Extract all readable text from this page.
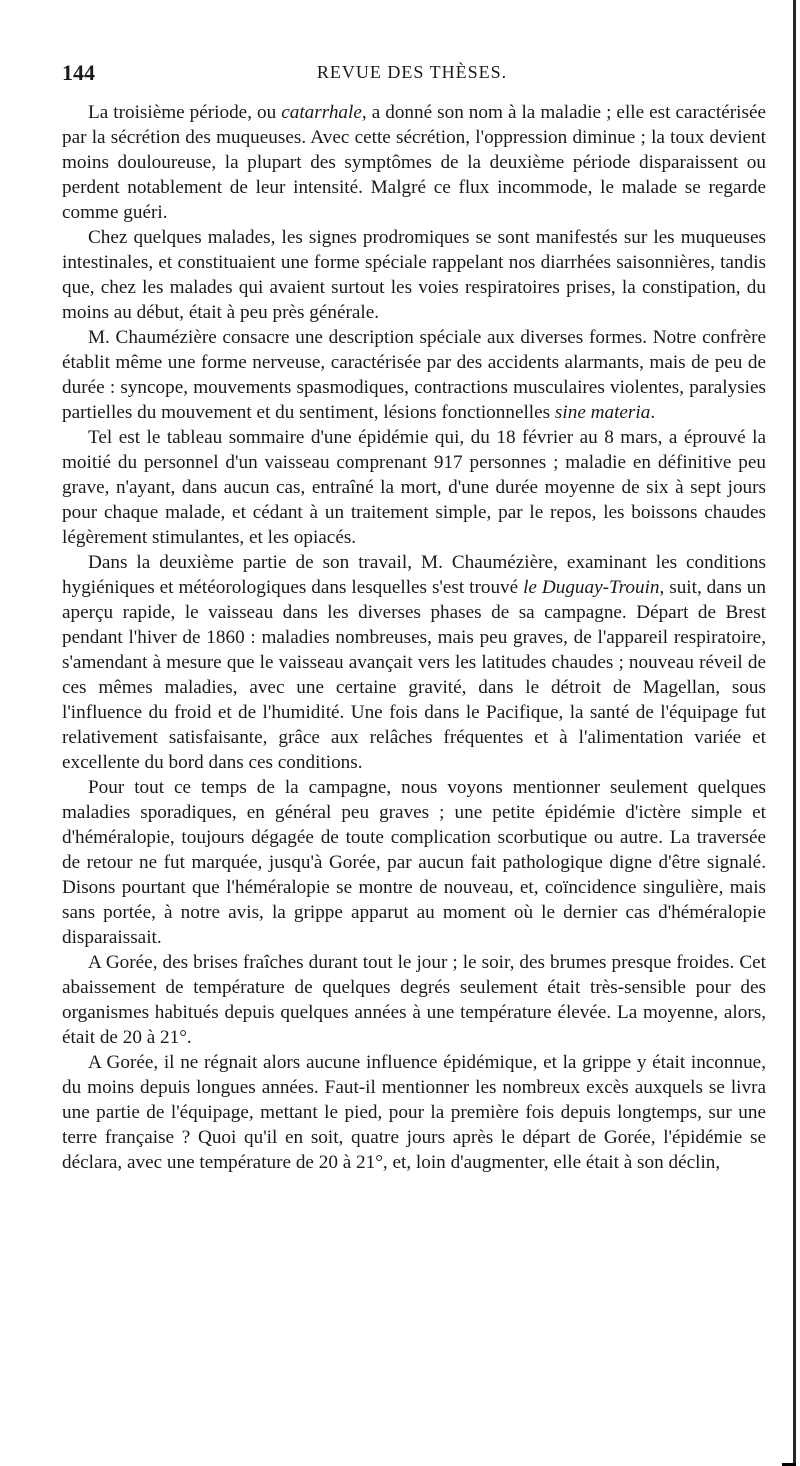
144	REVUE DES THÈSES.

La troisième période, ou catarrhale, a donné son nom à la maladie ; elle est caractérisée par la sécrétion des muqueuses. Avec cette sécrétion, l'oppression diminue ; la toux devient moins douloureuse, la plupart des symptômes de la deuxième période disparaissent ou perdent notablement de leur intensité. Malgré ce flux incommode, le malade se regarde comme guéri.

Chez quelques malades, les signes prodromiques se sont manifestés sur les muqueuses intestinales, et constituaient une forme spéciale rappelant nos diarrhées saisonnières, tandis que, chez les malades qui avaient surtout les voies respiratoires prises, la constipation, du moins au début, était à peu près générale.

M. Chaumézière consacre une description spéciale aux diverses formes. Notre confrère établit même une forme nerveuse, caractérisée par des accidents alarmants, mais de peu de durée : syncope, mouvements spasmodiques, contractions musculaires violentes, paralysies partielles du mouvement et du sentiment, lésions fonctionnelles sine materia.

Tel est le tableau sommaire d'une épidémie qui, du 18 février au 8 mars, a éprouvé la moitié du personnel d'un vaisseau comprenant 917 personnes ; maladie en définitive peu grave, n'ayant, dans aucun cas, entraîné la mort, d'une durée moyenne de six à sept jours pour chaque malade, et cédant à un traitement simple, par le repos, les boissons chaudes légèrement stimulantes, et les opiacés.

Dans la deuxième partie de son travail, M. Chaumézière, examinant les conditions hygiéniques et météorologiques dans lesquelles s'est trouvé le Duguay-Trouin, suit, dans un aperçu rapide, le vaisseau dans les diverses phases de sa campagne. Départ de Brest pendant l'hiver de 1860 : maladies nombreuses, mais peu graves, de l'appareil respiratoire, s'amendant à mesure que le vaisseau avançait vers les latitudes chaudes ; nouveau réveil de ces mêmes maladies, avec une certaine gravité, dans le détroit de Magellan, sous l'influence du froid et de l'humidité. Une fois dans le Pacifique, la santé de l'équipage fut relativement satisfaisante, grâce aux relâches fréquentes et à l'alimentation variée et excellente du bord dans ces conditions.

Pour tout ce temps de la campagne, nous voyons mentionner seulement quelques maladies sporadiques, en général peu graves ; une petite épidémie d'ictère simple et d'héméralopie, toujours dégagée de toute complication scorbutique ou autre. La traversée de retour ne fut marquée, jusqu'à Gorée, par aucun fait pathologique digne d'être signalé. Disons pourtant que l'héméralopie se montre de nouveau, et, coïncidence singulière, mais sans portée, à notre avis, la grippe apparut au moment où le dernier cas d'héméralopie disparaissait.

A Gorée, des brises fraîches durant tout le jour ; le soir, des brumes presque froides. Cet abaissement de température de quelques degrés seulement était très-sensible pour des organismes habitués depuis quelques années à une température élevée. La moyenne, alors, était de 20 à 21°.

A Gorée, il ne régnait alors aucune influence épidémique, et la grippe y était inconnue, du moins depuis longues années. Faut-il mentionner les nombreux excès auxquels se livra une partie de l'équipage, mettant le pied, pour la première fois depuis longtemps, sur une terre française ? Quoi qu'il en soit, quatre jours après le départ de Gorée, l'épidémie se déclara, avec une température de 20 à 21°, et, loin d'augmenter, elle était à son déclin,
